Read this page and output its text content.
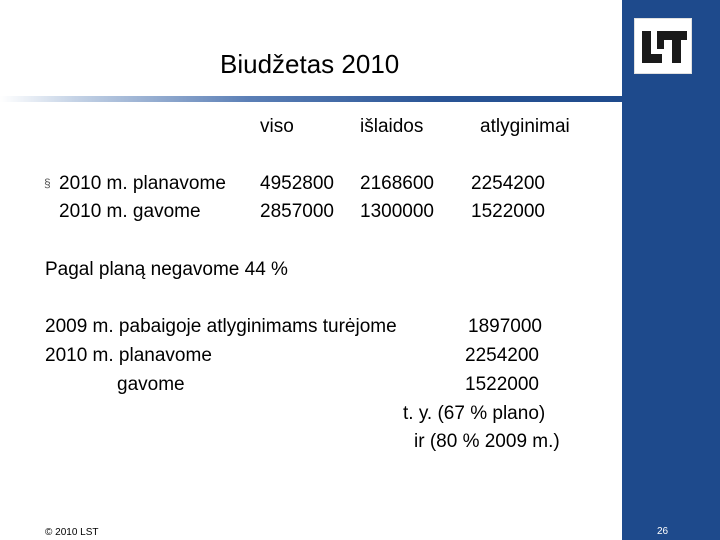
Biudžetas 2010
viso	išlaidos	atlyginimai
§ 2010 m. planavome 4952800 2168600 2254200
2010 m. gavome	2857000 1300000 1522000
Pagal planą negavome 44 %
2009 m. pabaigoje atlyginimams turėjome	1897000
2010 m. planavome	2254200
gavome	1522000
t. y. (67 % plano)
ir (80 % 2009 m.)
© 2010 LST	26
